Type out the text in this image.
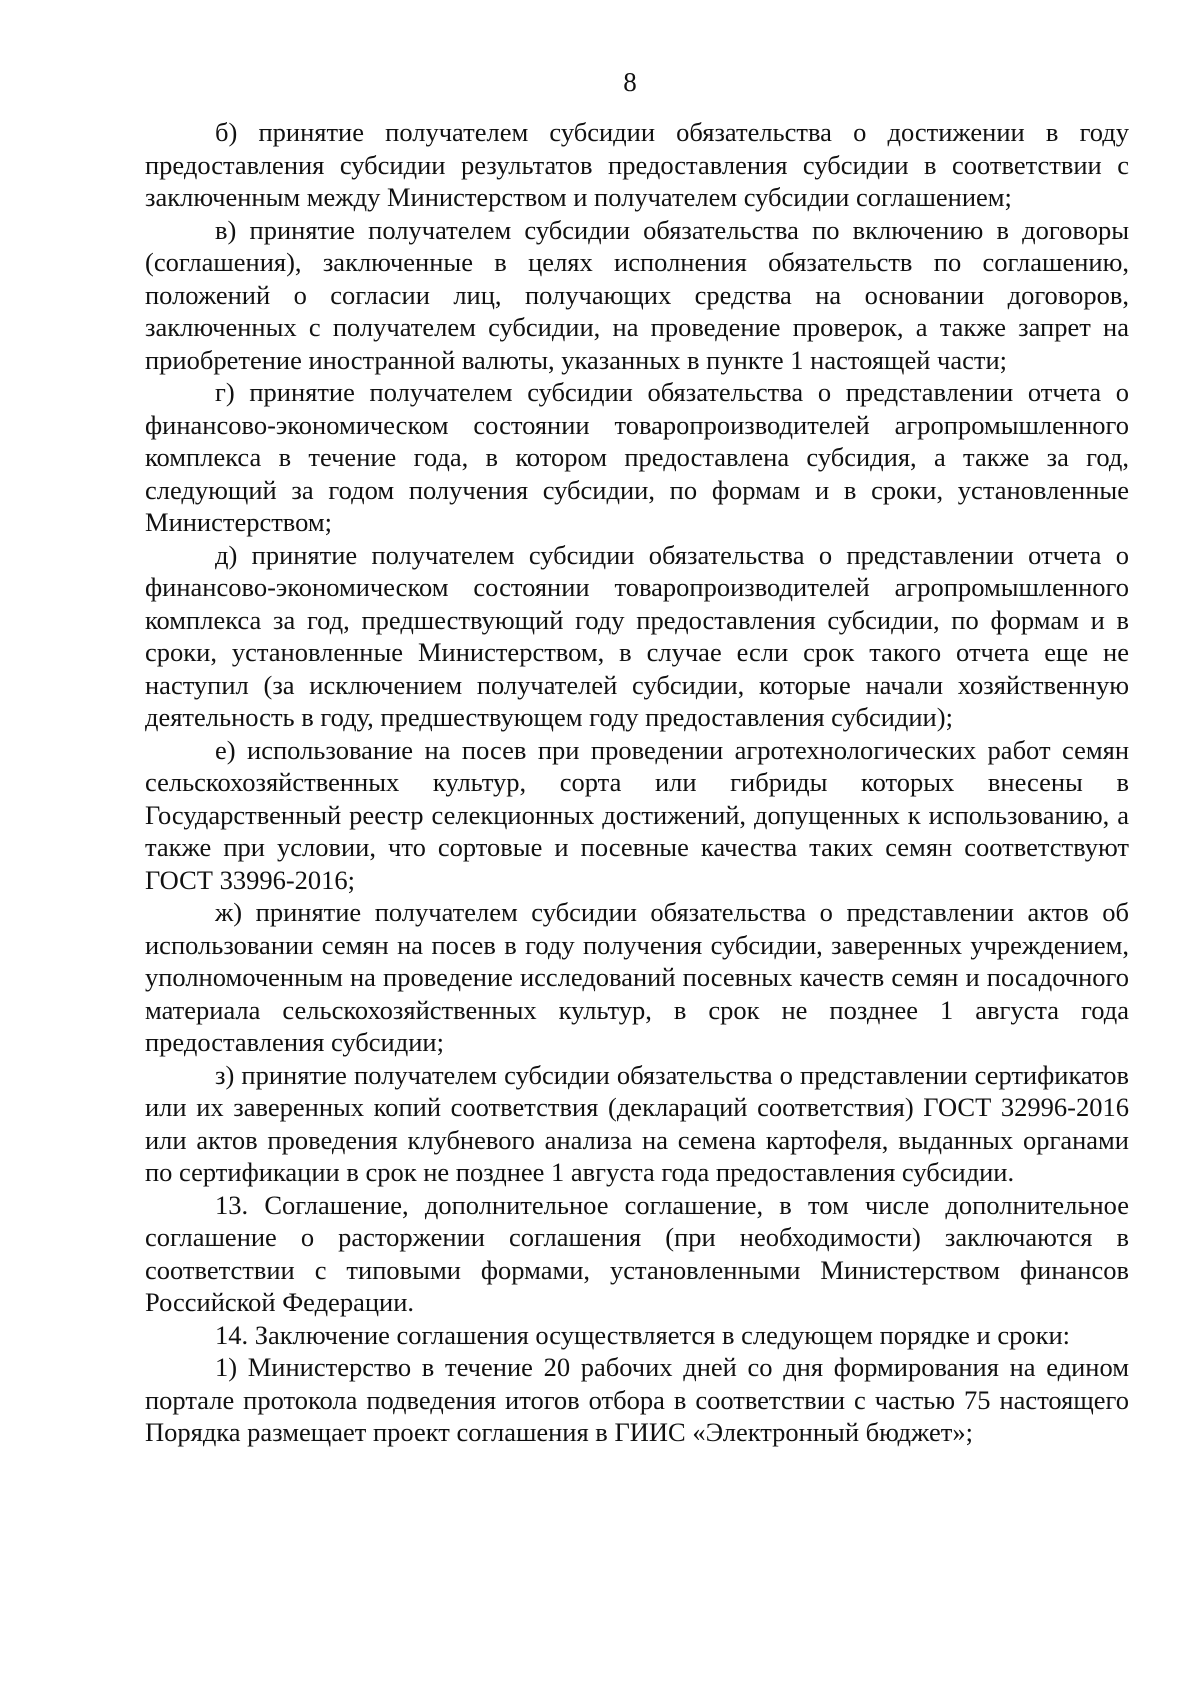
8

б) принятие получателем субсидии обязательства о достижении в году предоставления субсидии результатов предоставления субсидии в соответствии с заключенным между Министерством и получателем субсидии соглашением;

в) принятие получателем субсидии обязательства по включению в договоры (соглашения), заключенные в целях исполнения обязательств по соглашению, положений о согласии лиц, получающих средства на основании договоров, заключенных с получателем субсидии, на проведение проверок, а также запрет на приобретение иностранной валюты, указанных в пункте 1 настоящей части;

г) принятие получателем субсидии обязательства о представлении отчета о финансово-экономическом состоянии товаропроизводителей агропромышленного комплекса в течение года, в котором предоставлена субсидия, а также за год, следующий за годом получения субсидии, по формам и в сроки, установленные Министерством;

д) принятие получателем субсидии обязательства о представлении отчета о финансово-экономическом состоянии товаропроизводителей агропромышленного комплекса за год, предшествующий году предоставления субсидии, по формам и в сроки, установленные Министерством, в случае если срок такого отчета еще не наступил (за исключением получателей субсидии, которые начали хозяйственную деятельность в году, предшествующем году предоставления субсидии);

е) использование на посев при проведении агротехнологических работ семян сельскохозяйственных культур, сорта или гибриды которых внесены в Государственный реестр селекционных достижений, допущенных к использованию, а также при условии, что сортовые и посевные качества таких семян соответствуют ГОСТ 33996-2016;

ж) принятие получателем субсидии обязательства о представлении актов об использовании семян на посев в году получения субсидии, заверенных учреждением, уполномоченным на проведение исследований посевных качеств семян и посадочного материала сельскохозяйственных культур, в срок не позднее 1 августа года предоставления субсидии;

з) принятие получателем субсидии обязательства о представлении сертификатов или их заверенных копий соответствия (деклараций соответствия) ГОСТ 32996-2016 или актов проведения клубневого анализа на семена картофеля, выданных органами по сертификации в срок не позднее 1 августа года предоставления субсидии.

13. Соглашение, дополнительное соглашение, в том числе дополнительное соглашение о расторжении соглашения (при необходимости) заключаются в соответствии с типовыми формами, установленными Министерством финансов Российской Федерации.

14. Заключение соглашения осуществляется в следующем порядке и сроки:

1) Министерство в течение 20 рабочих дней со дня формирования на едином портале протокола подведения итогов отбора в соответствии с частью 75 настоящего Порядка размещает проект соглашения в ГИИС «Электронный бюджет»;
